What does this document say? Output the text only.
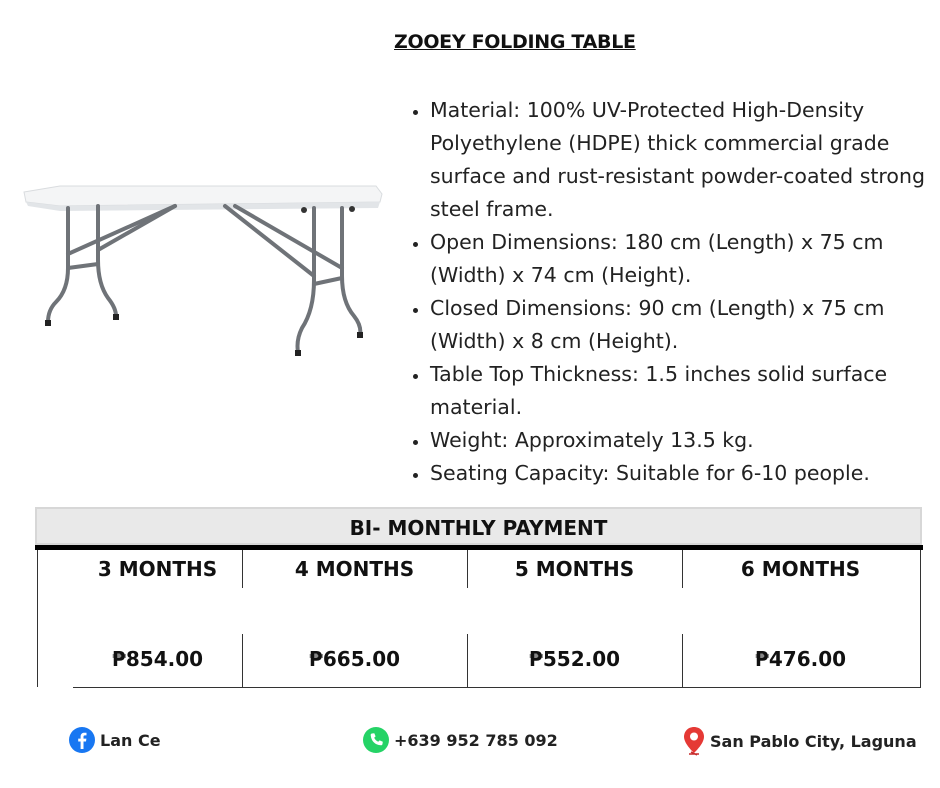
ZOOEY FOLDING TABLE
• Material: 100% UV-Protected High-Density Polyethylene (HDPE) thick commercial grade surface and rust-resistant powder-coated strong steel frame.
• Open Dimensions: 180 cm (Length) x 75 cm (Width) x 74 cm (Height).
• Closed Dimensions: 90 cm (Length) x 75 cm (Width) x 8 cm (Height).
• Table Top Thickness: 1.5 inches solid surface material.
• Weight: Approximately 13.5 kg.
• Seating Capacity: Suitable for 6-10 people.
BI- MONTHLY PAYMENT
3 MONTHS	4 MONTHS	5 MONTHS	6 MONTHS
₱854.00	₱665.00	₱552.00	₱476.00
Lan Ce	+639 952 785 092	San Pablo City, Laguna
